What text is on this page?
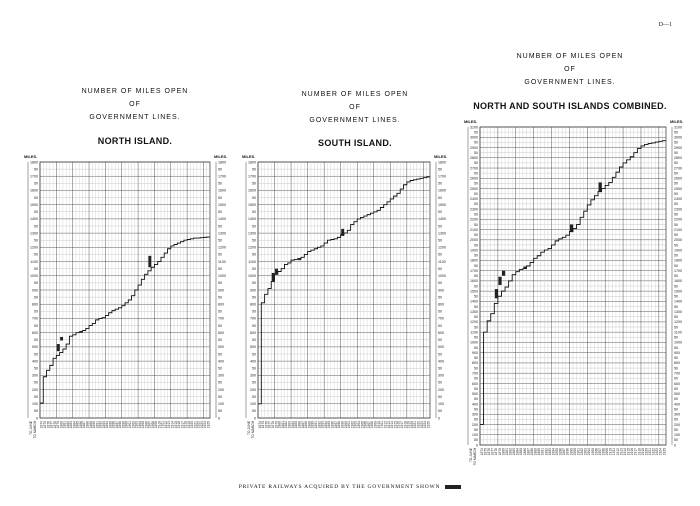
D—1
NUMBER OF MILES OPEN
OF
GOVERNMENT LINES.
NORTH ISLAND.
0	0
50	50
100	100
50	50
200	200
50	50
300	300
50	50
400	400
50	50
500	500
50	50
600	600
50	50
700	700
50	50
800	800
50	50
900	900
50	50
1000	1000
50	50
1100	1100
50	50
1200	1200
50	50
1300	1300
50	50
1400	1400
50	50
1500	1500
50	50
1600	1600
50	50
1700	1700
50	50
1800	1800
MILES.	MILES.
1874 1875 1876 1877 1878 1879 1880 1881 1882 1883 1884 1885 1886 1887 1888 1889 1890 1891 1892 1893 1894 1895 1896 1897 1898 1899 1900 1901 1902 1903 1904 1905 1906 1907 1908 1909 1910 1911 1912 1913 1914 1915 1916 1917 1918 1919 1920 1921 1922 1923 1924 1925
TO JUNE TO MARCH
NUMBER OF MILES OPEN
OF
GOVERNMENT LINES.
SOUTH ISLAND.
0	0
50	50
100	100
50	50
200	200
50	50
300	300
50	50
400	400
50	50
500	500
50	50
600	600
50	50
700	700
50	50
800	800
50	50
900	900
50	50
1000	1000
50	50
1100	1100
50	50
1200	1200
50	50
1300	1300
50	50
1400	1400
50	50
1500	1500
50	50
1600	1600
50	50
1700	1700
50	50
1800	1800
MILES.	MILES.
1874 1875 1876 1877 1878 1879 1880 1881 1882 1883 1884 1885 1886 1887 1888 1889 1890 1891 1892 1893 1894 1895 1896 1897 1898 1899 1900 1901 1902 1903 1904 1905 1906 1907 1908 1909 1910 1911 1912 1913 1914 1915 1916 1917 1918 1919 1920 1921 1922 1923 1924 1925
TO JUNE TO MARCH
NUMBER OF MILES OPEN
OF
GOVERNMENT LINES.
NORTH AND SOUTH ISLANDS COMBINED.
0	0
50	50
100	100
50	50
200	200
50	50
300	300
50	50
400	400
50	50
500	500
50	50
600	600
50	50
700	700
50	50
800	800
50	50
900	900
50	50
1000	1000
50	50
1100	1100
50	50
1200	1200
50	50
1300	1300
50	50
1400	1400
50	50
1500	1500
50	50
1600	1600
50	50
1700	1700
50	50
1800	1800
50	50
1900	1900
50	50
2000	2000
50	50
2100	2100
50	50
2200	2200
50	50
2300	2300
50	50
2400	2400
50	50
2500	2500
50	50
2600	2600
50	50
2700	2700
50	50
2800	2800
50	50
2900	2900
50	50
3000	3000
50	50
3100	3100
MILES.	MILES.
1874 1875 1876 1877 1878 1879 1880 1881 1882 1883 1884 1885 1886 1887 1888 1889 1890 1891 1892 1893 1894 1895 1896 1897 1898 1899 1900 1901 1902 1903 1904 1905 1906 1907 1908 1909 1910 1911 1912 1913 1914 1915 1916 1917 1918 1919 1920 1921 1922 1923 1924 1925
TO JUNE TO MARCH
PRIVATE RAILWAYS ACQUIRED BY THE GOVERNMENT SHOWN
